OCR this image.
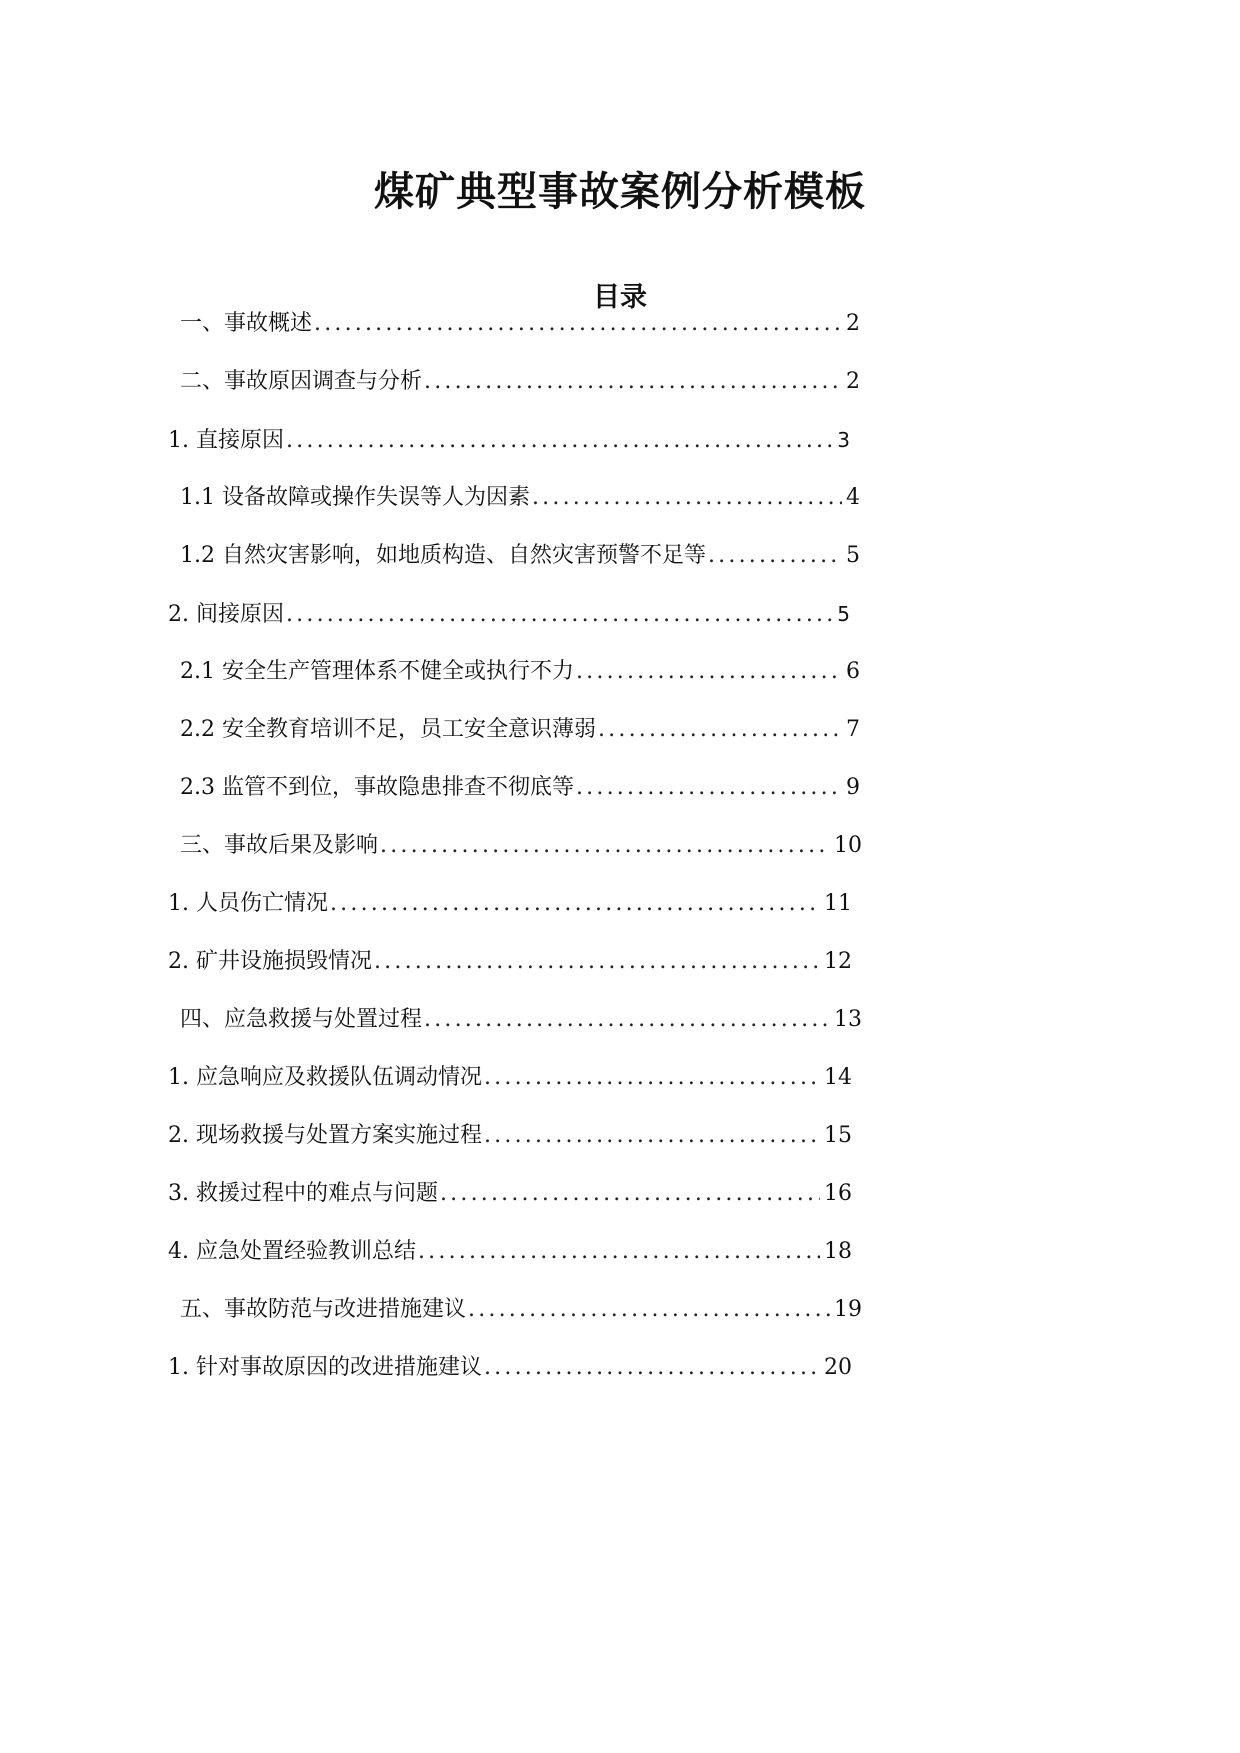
煤矿典型事故案例分析模板
目录
一、事故概述 .....	2
二、事故原因调查与分析 .....	2
1. 直接原因 .....	3
1.1 设备故障或操作失误等人为因素 .....	4
1.2 自然灾害影响，如地质构造、自然灾害预警不足等 .....	5
2. 间接原因 .....	5
2.1 安全生产管理体系不健全或执行不力 .....	6
2.2 安全教育培训不足，员工安全意识薄弱 .....	7
2.3 监管不到位，事故隐患排查不彻底等 .....	9
三、事故后果及影响 .....	10
1. 人员伤亡情况 .....	11
2. 矿井设施损毁情况 .....	12
四、应急救援与处置过程 .....	13
1. 应急响应及救援队伍调动情况 .....	14
2. 现场救援与处置方案实施过程 .....	15
3. 救援过程中的难点与问题 .....	16
4. 应急处置经验教训总结 .....	18
五、事故防范与改进措施建议 .....	19
1. 针对事故原因的改进措施建议 .....	20
